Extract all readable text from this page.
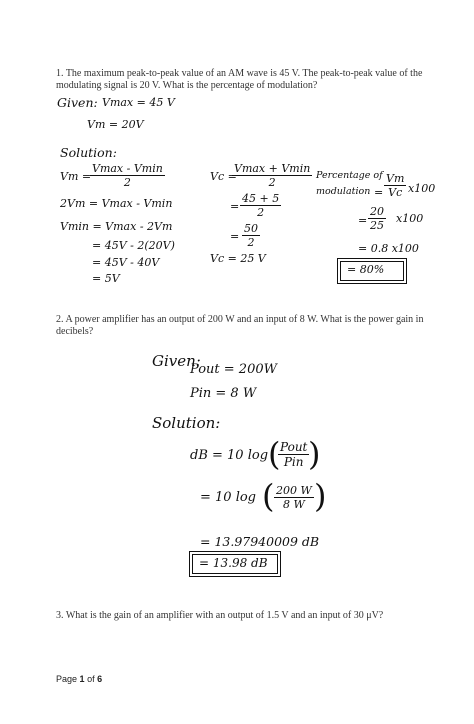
1. The maximum peak-to-peak value of an AM wave is 45 V. The peak-to-peak value of the modulating signal is 20 V. What is the percentage of modulation?
Given: Vmax = 45 V
Vm = 20V
Solution:
Vm =
Vmax - Vmin
2
2Vm = Vmax - Vmin
Vmin = Vmax - 2Vm
= 45V - 2(20V)
= 45V - 40V
= 5V
Vc =
Vmax + Vmin
2
= $\frac{45 + 5}{2}$
= $\frac{50}{2}$
Vc = 25 V
Percentage of
modulation = $\frac{Vm}{Vc} x100$
= $\frac{20}{25} x100$
= 0.8 x100
= 80%
2. A power amplifier has an output of 200 W and an input of 8 W. What is the power gain in decibels?
Given:
Pout = 200W
Pin = 8 W
Solution:
dB = 10 log ( Pout
Pin )
= 10 log ( $\frac{200 W}{8 W}$ )
= 13.97940009 dB
= 13.98 dB
3. What is the gain of an amplifier with an output of 1.5 V and an input of 30 μV?
Page 1 of 6
